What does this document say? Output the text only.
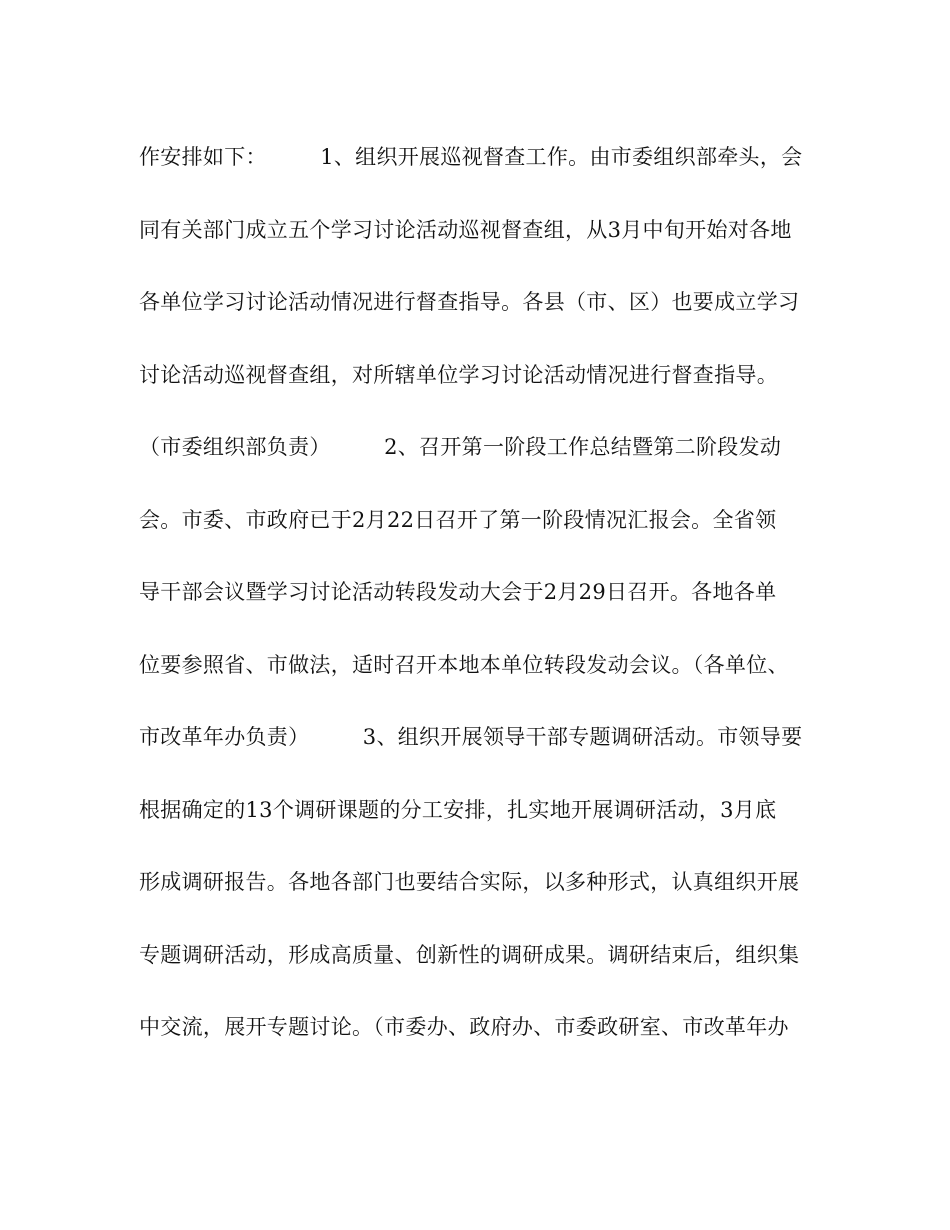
作安排如下：　　　1、组织开展巡视督查工作。由市委组织部牵头，会
同有关部门成立五个学习讨论活动巡视督查组，从3月中旬开始对各地
各单位学习讨论活动情况进行督查指导。各县（市、区）也要成立学习
讨论活动巡视督查组，对所辖单位学习讨论活动情况进行督查指导。
（市委组织部负责）　　　2、召开第一阶段工作总结暨第二阶段发动
会。市委、市政府已于2月22日召开了第一阶段情况汇报会。全省领
导干部会议暨学习讨论活动转段发动大会于2月29日召开。各地各单
位要参照省、市做法，适时召开本地本单位转段发动会议。（各单位、
市改革年办负责）　　　3、组织开展领导干部专题调研活动。市领导要
根据确定的13个调研课题的分工安排，扎实地开展调研活动，3月底
形成调研报告。各地各部门也要结合实际，以多种形式，认真组织开展
专题调研活动，形成高质量、创新性的调研成果。调研结束后，组织集
中交流，展开专题讨论。（市委办、政府办、市委政研室、市改革年办
